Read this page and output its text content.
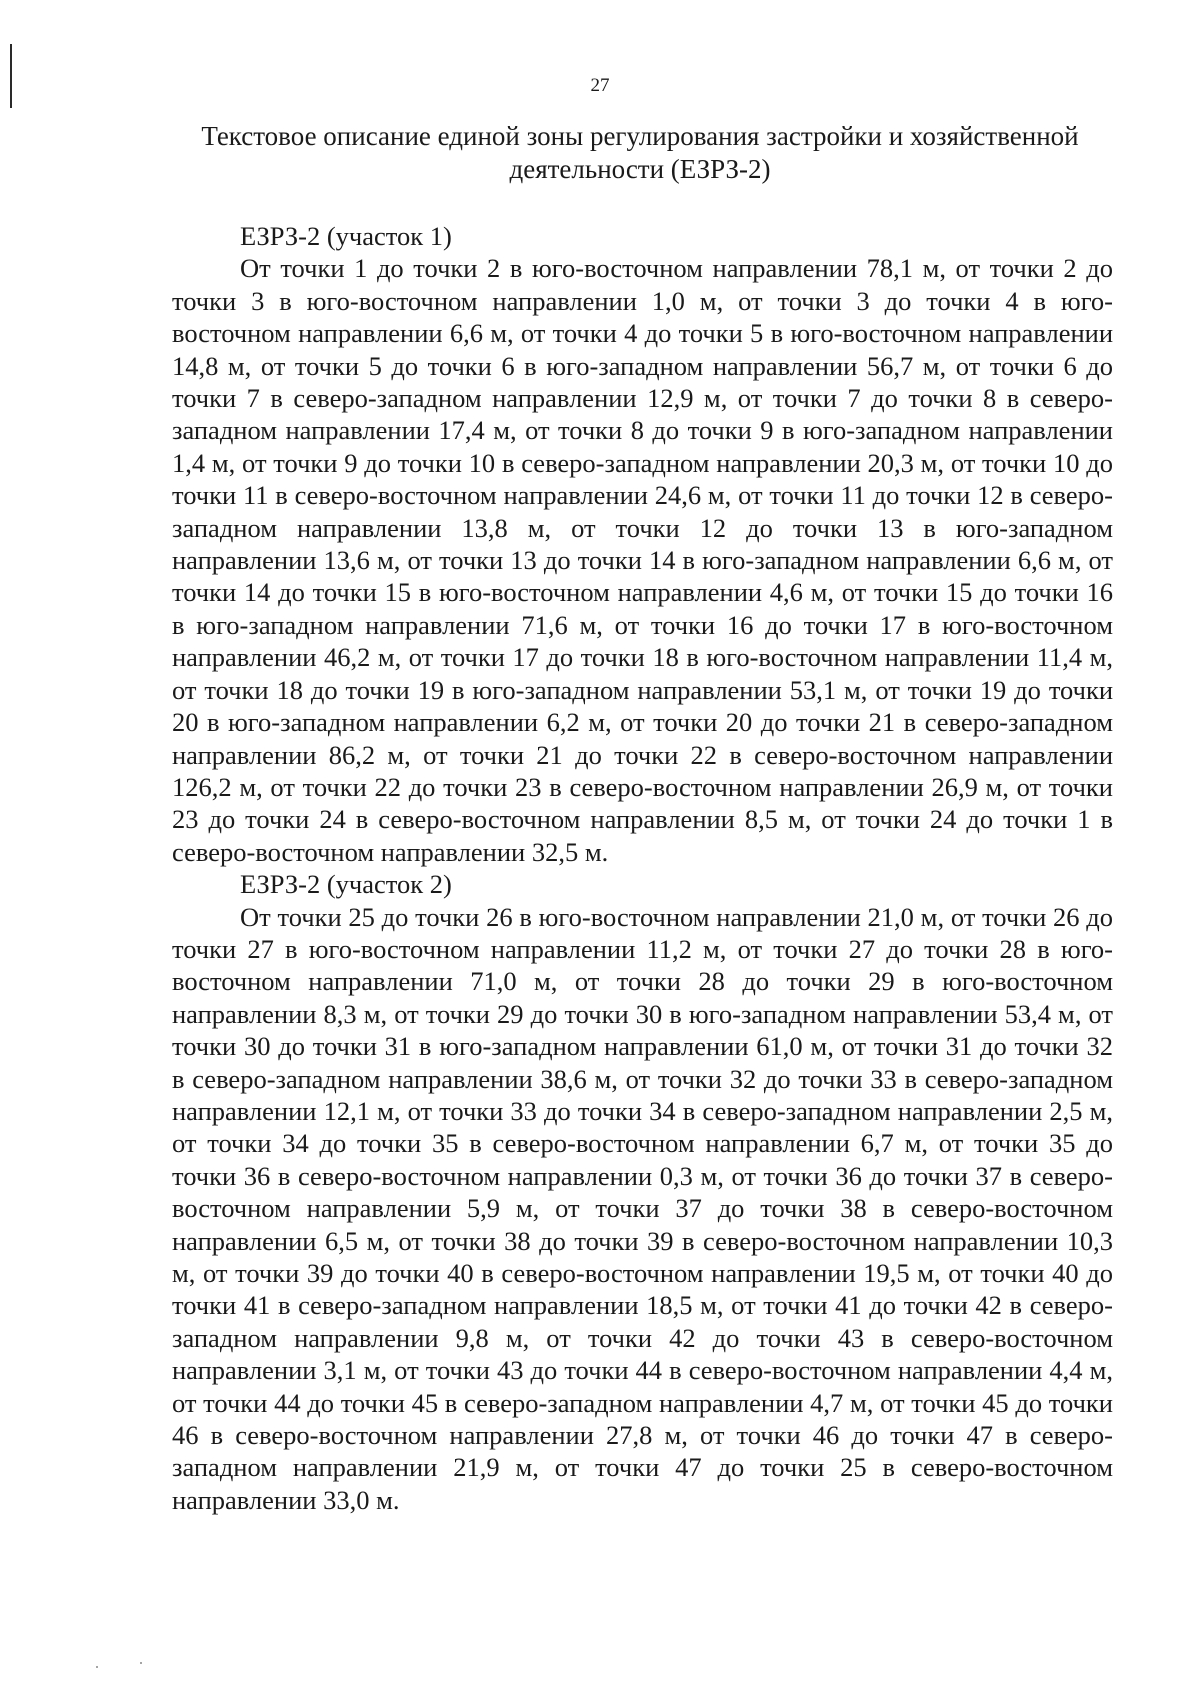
27
Текстовое описание единой зоны регулирования застройки и хозяйственной
деятельности (ЕЗРЗ-2)

ЕЗРЗ-2 (участок 1)

От точки 1 до точки 2 в юго-восточном направлении 78,1 м, от точки 2 до точки 3 в юго-восточном направлении 1,0 м, от точки 3 до точки 4 в юго-восточном направлении 6,6 м, от точки 4 до точки 5 в юго-восточном направлении 14,8 м, от точки 5 до точки 6 в юго-западном направлении 56,7 м, от точки 6 до точки 7 в северо-западном направлении 12,9 м, от точки 7 до точки 8 в северо-западном направлении 17,4 м, от точки 8 до точки 9 в юго-западном направлении 1,4 м, от точки 9 до точки 10 в северо-западном направлении 20,3 м, от точки 10 до точки 11 в северо-восточном направлении 24,6 м, от точки 11 до точки 12 в северо-западном направлении 13,8 м, от точки 12 до точки 13 в юго-западном направлении 13,6 м, от точки 13 до точки 14 в юго-западном направлении 6,6 м, от точки 14 до точки 15 в юго-восточном направлении 4,6 м, от точки 15 до точки 16 в юго-западном направлении 71,6 м, от точки 16 до точки 17 в юго-восточном направлении 46,2 м, от точки 17 до точки 18 в юго-восточном направлении 11,4 м, от точки 18 до точки 19 в юго-западном направлении 53,1 м, от точки 19 до точки 20 в юго-западном направлении 6,2 м, от точки 20 до точки 21 в северо-западном направлении 86,2 м, от точки 21 до точки 22 в северо-восточном направлении 126,2 м, от точки 22 до точки 23 в северо-восточном направлении 26,9 м, от точки 23 до точки 24 в северо-восточном направлении 8,5 м, от точки 24 до точки 1 в северо-восточном направлении 32,5 м.

ЕЗРЗ-2 (участок 2)

От точки 25 до точки 26 в юго-восточном направлении 21,0 м, от точки 26 до точки 27 в юго-восточном направлении 11,2 м, от точки 27 до точки 28 в юго-восточном направлении 71,0 м, от точки 28 до точки 29 в юго-восточном направлении 8,3 м, от точки 29 до точки 30 в юго-западном направлении 53,4 м, от точки 30 до точки 31 в юго-западном направлении 61,0 м, от точки 31 до точки 32 в северо-западном направлении 38,6 м, от точки 32 до точки 33 в северо-западном направлении 12,1 м, от точки 33 до точки 34 в северо-западном направлении 2,5 м, от точки 34 до точки 35 в северо-восточном направлении 6,7 м, от точки 35 до точки 36 в северо-восточном направлении 0,3 м, от точки 36 до точки 37 в северо-восточном направлении 5,9 м, от точки 37 до точки 38 в северо-восточном направлении 6,5 м, от точки 38 до точки 39 в северо-восточном направлении 10,3 м, от точки 39 до точки 40 в северо-восточном направлении 19,5 м, от точки 40 до точки 41 в северо-западном направлении 18,5 м, от точки 41 до точки 42 в северо-западном направлении 9,8 м, от точки 42 до точки 43 в северо-восточном направлении 3,1 м, от точки 43 до точки 44 в северо-восточном направлении 4,4 м, от точки 44 до точки 45 в северо-западном направлении 4,7 м, от точки 45 до точки 46 в северо-восточном направлении 27,8 м, от точки 46 до точки 47 в северо-западном направлении 21,9 м, от точки 47 до точки 25 в северо-восточном направлении 33,0 м.
